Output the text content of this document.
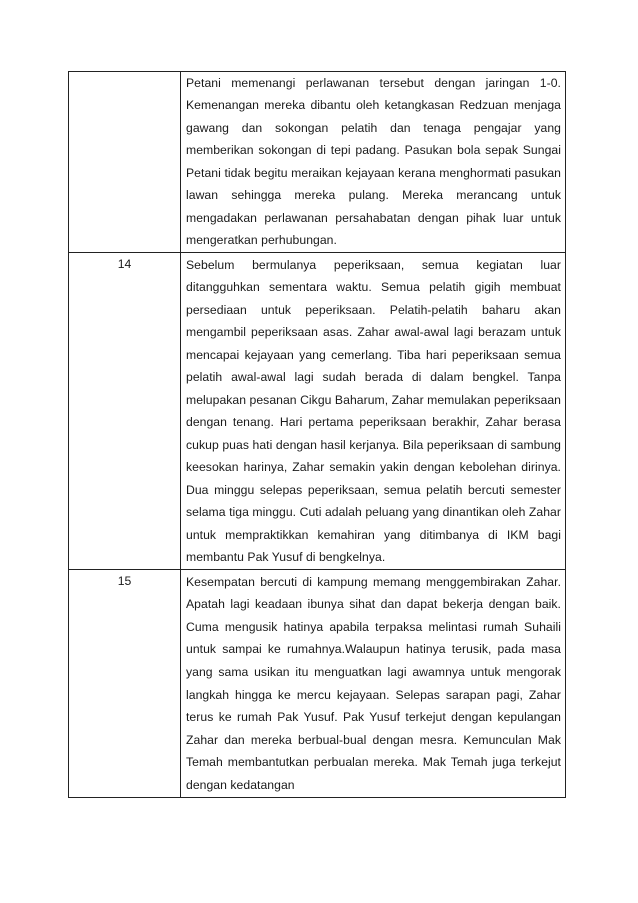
	Petani memenangi perlawanan tersebut dengan jaringan 1-0. Kemenangan mereka dibantu oleh ketangkasan Redzuan menjaga gawang dan sokongan pelatih dan tenaga pengajar yang memberikan sokongan di tepi padang. Pasukan bola sepak Sungai Petani tidak begitu meraikan kejayaan kerana menghormati pasukan lawan sehingga mereka pulang. Mereka merancang untuk mengadakan perlawanan persahabatan dengan pihak luar untuk mengeratkan perhubungan.

14	Sebelum bermulanya peperiksaan, semua kegiatan luar ditangguhkan sementara waktu. Semua pelatih gigih membuat persediaan untuk peperiksaan. Pelatih-pelatih baharu akan mengambil peperiksaan asas. Zahar awal-awal lagi berazam untuk mencapai kejayaan yang cemerlang. Tiba hari peperiksaan semua pelatih awal-awal lagi sudah berada di dalam bengkel. Tanpa melupakan pesanan Cikgu Baharum, Zahar memulakan peperiksaan dengan tenang. Hari pertama peperiksaan berakhir, Zahar berasa cukup puas hati dengan hasil kerjanya. Bila peperiksaan di sambung keesokan harinya, Zahar semakin yakin dengan kebolehan dirinya. Dua minggu selepas peperiksaan, semua pelatih bercuti semester selama tiga minggu. Cuti adalah peluang yang dinantikan oleh Zahar untuk mempraktikkan kemahiran yang ditimbanya di IKM bagi membantu Pak Yusuf di bengkelnya.

15	Kesempatan bercuti di kampung memang menggembirakan Zahar. Apatah lagi keadaan ibunya sihat dan dapat bekerja dengan baik. Cuma mengusik hatinya apabila terpaksa melintasi rumah Suhaili untuk sampai ke rumahnya.Walaupun hatinya terusik, pada masa yang sama usikan itu menguatkan lagi awamnya untuk mengorak langkah hingga ke mercu kejayaan. Selepas sarapan pagi, Zahar terus ke rumah Pak Yusuf. Pak Yusuf terkejut dengan kepulangan Zahar dan mereka berbual-bual dengan mesra. Kemunculan Mak Temah membantutkan perbualan mereka. Mak Temah juga terkejut dengan kedatangan
